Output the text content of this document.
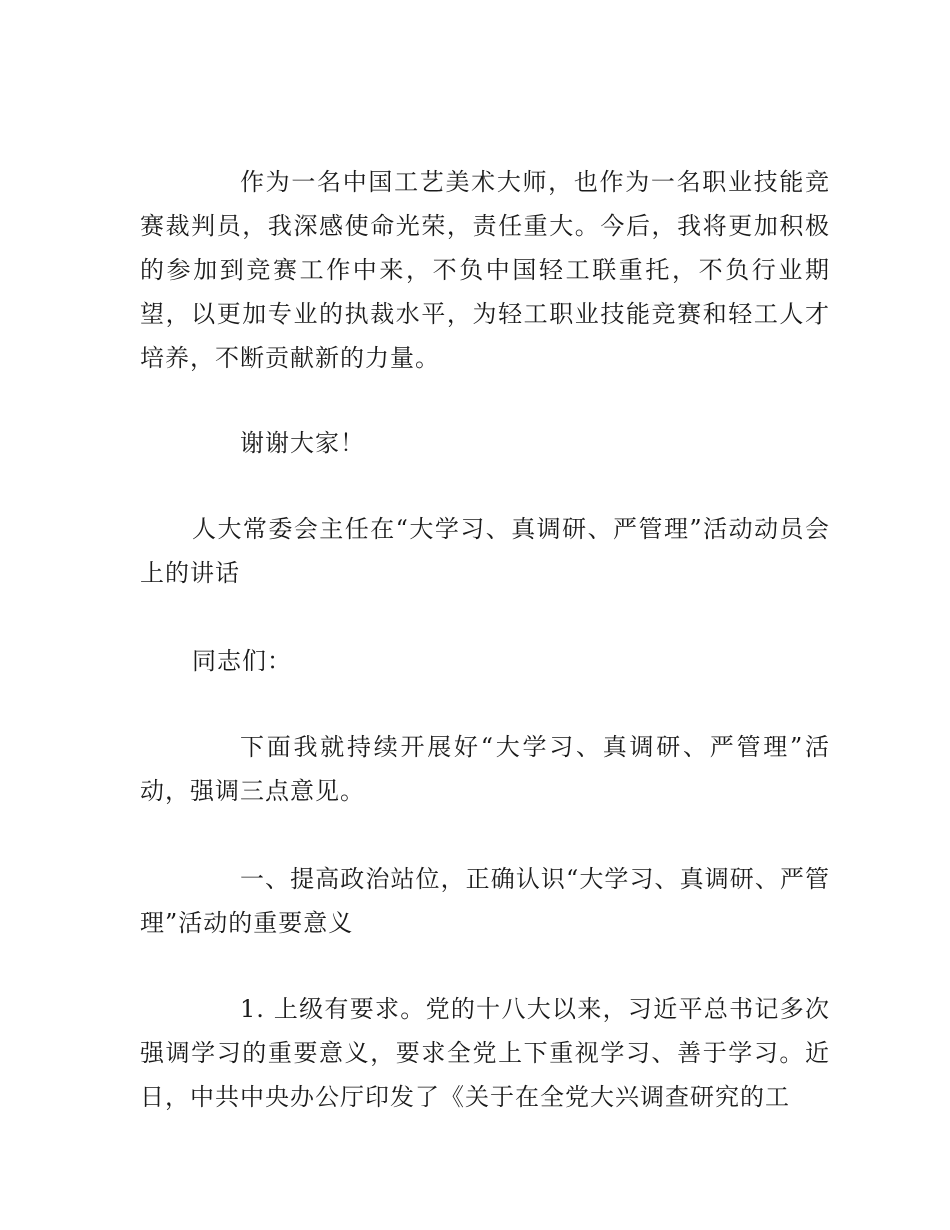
作为一名中国工艺美术大师，也作为一名职业技能竞赛裁判员，我深感使命光荣，责任重大。今后，我将更加积极的参加到竞赛工作中来，不负中国轻工联重托，不负行业期望，以更加专业的执裁水平，为轻工职业技能竞赛和轻工人才培养，不断贡献新的力量。

谢谢大家！

人大常委会主任在“大学习、真调研、严管理”活动动员会上的讲话

同志们：

下面我就持续开展好“大学习、真调研、严管理”活动，强调三点意见。

一、提高政治站位，正确认识“大学习、真调研、严管理”活动的重要意义

1. 上级有要求。党的十八大以来，习近平总书记多次强调学习的重要意义，要求全党上下重视学习、善于学习。近日，中共中央办公厅印发了《关于在全党大兴调查研究的工
